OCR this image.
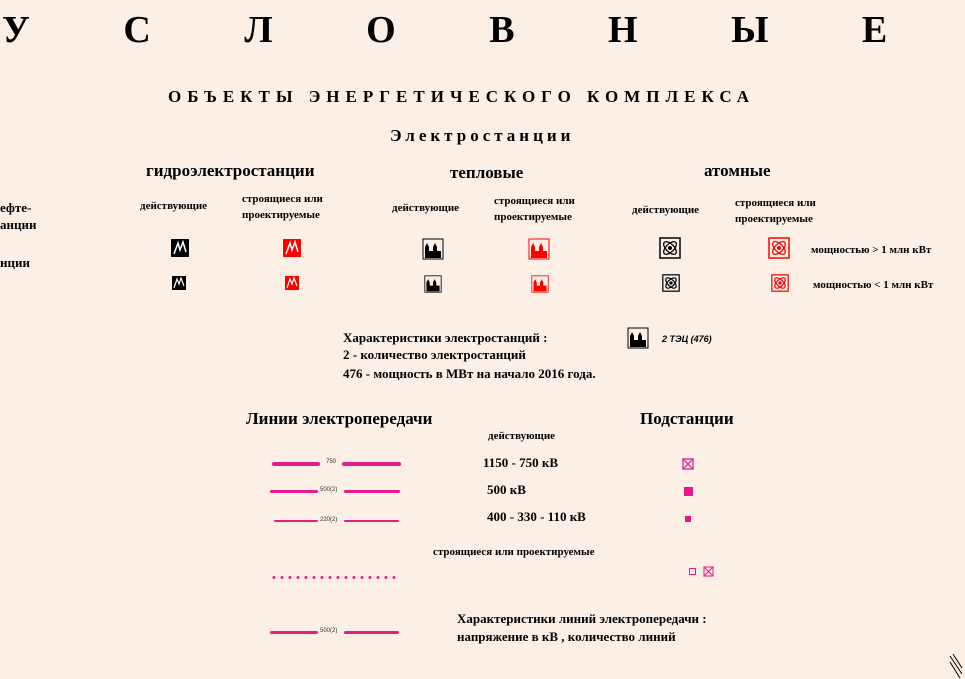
У С Л О В Н Ы Е
ОБЪЕКТЫ ЭНЕРГЕТИЧЕСКОГО КОМПЛЕКСА
Электростанции
ефте-
анции
нции
гидроэлектростанции	тепловые	атомные
действующие
строящиеся или
проектируемые
действующие
строящиеся или
проектируемые
действующие
строящиеся или
проектируемые
мощностью > 1 млн кВт
мощностью < 1 млн кВт
Характеристики электростанций :
2 - количество электростанций
476 - мощность в МВт на начало 2016 года.
2 ТЭЦ (476)
Линии электропередачи
действующие
Подстанции
750
500(2)
220(2)
1150 - 750 кВ
500 кВ
400 - 330 - 110 кВ
строящиеся или проектируемые
500(2)
Характеристики линий электропередачи :
напряжение в кВ , количество линий
